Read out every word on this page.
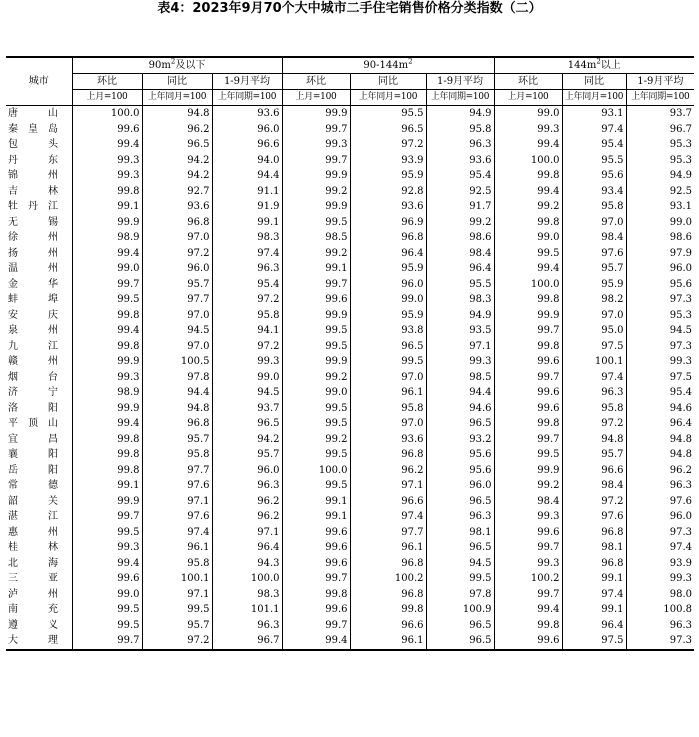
表4：2023年9月70个大中城市二手住宅销售价格分类指数（二）
城市	$90m^2$及以下			$90-144m^2$			$144m^2$以上		
	环比	同比	1-9月平均	环比	同比	1-9月平均	环比	同比	1-9月平均
	上月=100	上年同月=100	上年同期=100	上月=100	上年同月=100	上年同期=100	上月=100	上年同月=100	上年同期=100
唐山	100.0	94.8	93.6	99.9	95.5	94.9	99.0	93.1	93.7
秦皇岛	99.6	96.2	96.0	99.7	96.5	95.8	99.3	97.4	96.7
包头	99.4	96.5	96.6	99.3	97.2	96.3	99.4	95.4	95.3
丹东	99.3	94.2	94.0	99.7	93.9	93.6	100.0	95.5	95.3
锦州	99.3	94.2	94.4	99.9	95.9	95.4	99.8	95.6	94.9
吉林	99.8	92.7	91.1	99.2	92.8	92.5	99.4	93.4	92.5
牡丹江	99.1	93.6	91.9	99.9	93.6	91.7	99.2	95.8	93.1
无锡	99.9	96.8	99.1	99.5	96.9	99.2	99.8	97.0	99.0
徐州	98.9	97.0	98.3	98.5	96.8	98.6	99.0	98.4	98.6
扬州	99.4	97.2	97.4	99.2	96.4	98.4	99.5	97.6	97.9
温州	99.0	96.0	96.3	99.1	95.9	96.4	99.4	95.7	96.0
金华	99.7	95.7	95.4	99.7	96.0	95.5	100.0	95.9	95.6
蚌埠	99.5	97.7	97.2	99.6	99.0	98.3	99.8	98.2	97.3
安庆	99.8	97.0	95.8	99.9	95.9	94.9	99.9	97.0	95.3
泉州	99.4	94.5	94.1	99.5	93.8	93.5	99.7	95.0	94.5
九江	99.8	97.0	97.2	99.5	96.5	97.1	99.8	97.5	97.3
赣州	99.9	100.5	99.3	99.9	99.5	99.3	99.6	100.1	99.3
烟台	99.3	97.8	99.0	99.2	97.0	98.5	99.7	97.4	97.5
济宁	98.9	94.4	94.5	99.0	96.1	94.4	99.6	96.3	95.4
洛阳	99.9	94.8	93.7	99.5	95.8	94.6	99.6	95.8	94.6
平顶山	99.4	96.8	96.5	99.5	97.0	96.5	99.8	97.2	96.4
宜昌	99.8	95.7	94.2	99.2	93.6	93.2	99.7	94.8	94.8
襄阳	99.8	95.8	95.7	99.5	96.8	95.6	99.5	95.7	94.8
岳阳	99.8	97.7	96.0	100.0	96.2	95.6	99.9	96.6	96.2
常德	99.1	97.6	96.3	99.5	97.1	96.0	99.2	98.4	96.3
韶关	99.9	97.1	96.2	99.1	96.6	96.5	98.4	97.2	97.6
湛江	99.7	97.6	96.2	99.1	97.4	96.3	99.3	97.6	96.0
惠州	99.5	97.4	97.1	99.6	97.7	98.1	99.6	96.8	97.3
桂林	99.3	96.1	96.4	99.6	96.1	96.5	99.7	98.1	97.4
北海	99.4	95.8	94.3	99.6	96.8	94.5	99.3	96.8	93.9
三亚	99.6	100.1	100.0	99.7	100.2	99.5	100.2	99.1	99.3
泸州	99.0	97.1	98.3	99.8	96.8	97.8	99.7	97.4	98.0
南充	99.5	99.5	101.1	99.6	99.8	100.9	99.4	99.1	100.8
遵义	99.5	95.7	96.3	99.7	96.6	96.5	99.8	96.4	96.3
大理	99.7	97.2	96.7	99.4	96.1	96.5	99.6	97.5	97.3
